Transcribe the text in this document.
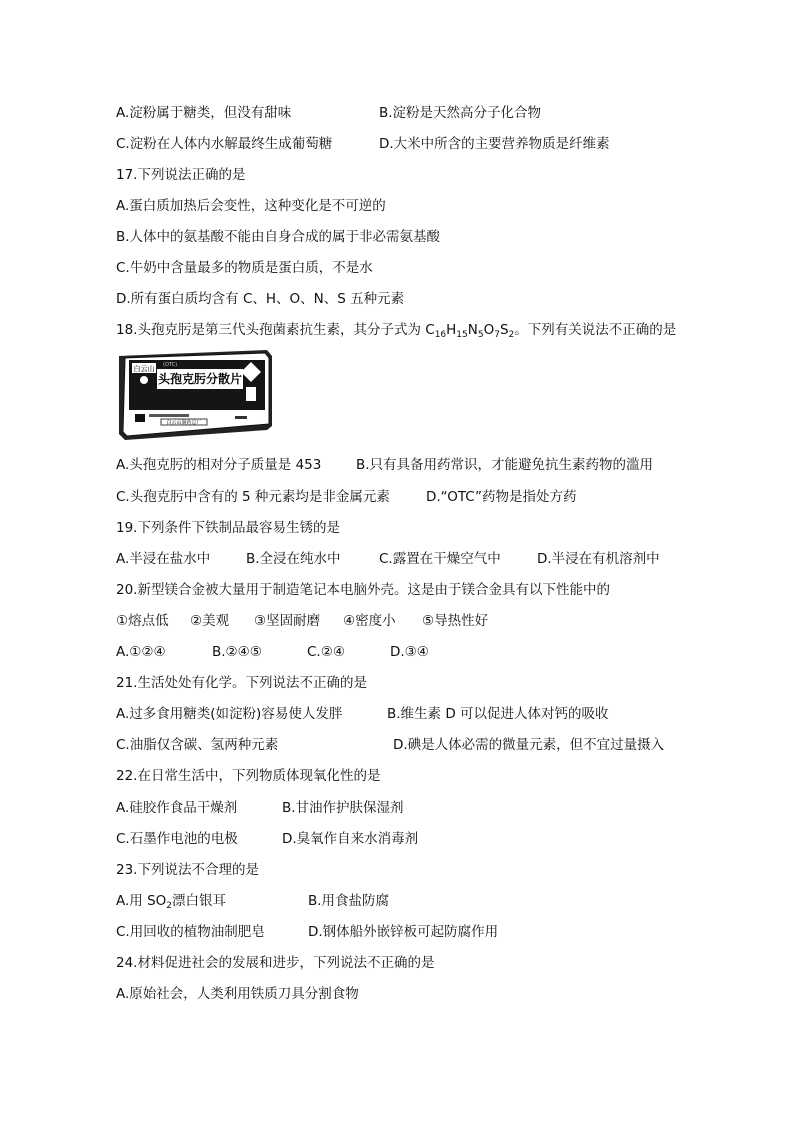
A.淀粉属于糖类，但没有甜味	B.淀粉是天然高分子化合物
C.淀粉在人体内水解最终生成葡萄糖	D.大米中所含的主要营养物质是纤维素
17.下列说法正确的是
A.蛋白质加热后会变性，这种变化是不可逆的
B.人体中的氨基酸不能由自身合成的属于非必需氨基酸
C.牛奶中含量最多的物质是蛋白质，不是水
D.所有蛋白质均含有 C、H、O、N、S 五种元素
18.头孢克肟是第三代头孢菌素抗生素，其分子式为 $C_{16}H_{15}N_5O_7S_2$。下列有关说法不正确的是
白云山
头孢克肟分散片
(OTC)
白云山制药总厂
A.头孢克肟的相对分子质量是 453	B.只有具备用药常识，才能避免抗生素药物的滥用
C.头孢克肟中含有的 5 种元素均是非金属元素	D.“OTC”药物是指处方药
19.下列条件下铁制品最容易生锈的是
A.半浸在盐水中	B.全浸在纯水中	C.露置在干燥空气中	D.半浸在有机溶剂中
20.新型镁合金被大量用于制造笔记本电脑外壳。这是由于镁合金具有以下性能中的
①熔点低 ②美观 ③坚固耐磨 ④密度小 ⑤导热性好
A.①②④	B.②④⑤	C.②④	D.③④
21.生活处处有化学。下列说法不正确的是
A.过多食用糖类(如淀粉)容易使人发胖	B.维生素 D 可以促进人体对钙的吸收
C.油脂仅含碳、氢两种元素	D.碘是人体必需的微量元素，但不宜过量摄入
22.在日常生活中，下列物质体现氧化性的是
A.硅胶作食品干燥剂	B.甘油作护肤保湿剂
C.石墨作电池的电极	D.臭氧作自来水消毒剂
23.下列说法不合理的是
A.用 $SO_2$漂白银耳	B.用食盐防腐
C.用回收的植物油制肥皂	D.钢体船外嵌锌板可起防腐作用
24.材料促进社会的发展和进步，下列说法不正确的是
A.原始社会，人类利用铁质刀具分割食物
